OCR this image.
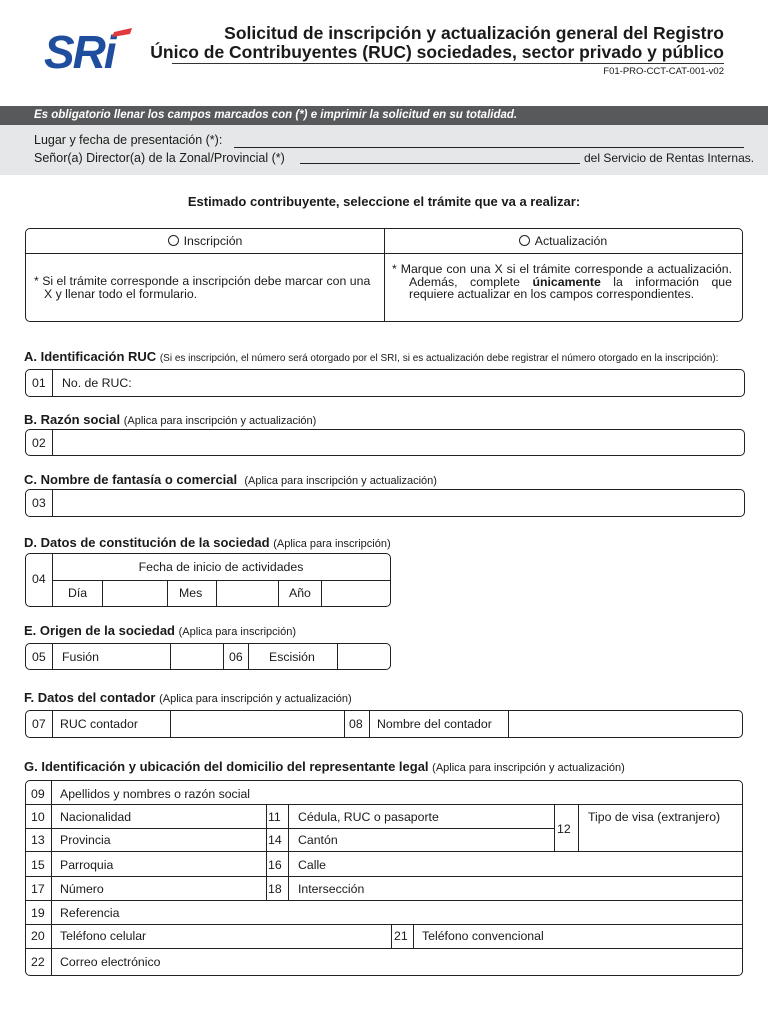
SRi	Solicitud de inscripción y actualización general del Registro
Único de Contribuyentes (RUC) sociedades, sector privado y público
F01-PRO-CCT-CAT-001-v02
Es obligatorio llenar los campos marcados con (*) e imprimir la solicitud en su totalidad.
Lugar y fecha de presentación (*):
Señor(a) Director(a) de la Zonal/Provincial (*)	del Servicio de Rentas Internas.
Estimado contribuyente, seleccione el trámite que va a realizar:
Inscripción	Actualización
* Si el trámite corresponde a inscripción debe marcar con una X y llenar todo el formulario.
* Marque con una X si el trámite corresponde a actualización. Además, complete únicamente la información que requiere actualizar en los campos correspondientes.
A. Identificación RUC (Si es inscripción, el número será otorgado por el SRI, si es actualización debe registrar el número otorgado en la inscripción):
01 No. de RUC:
B. Razón social (Aplica para inscripción y actualización)
02
C. Nombre de fantasía o comercial (Aplica para inscripción y actualización)
03
D. Datos de constitución de la sociedad (Aplica para inscripción)
04
Fecha de inicio de actividades
Día	Mes	Año
E. Origen de la sociedad (Aplica para inscripción)
05 Fusión	06 Escisión
F. Datos del contador (Aplica para inscripción y actualización)
07 RUC contador	08 Nombre del contador
G. Identificación y ubicación del domicilio del representante legal (Aplica para inscripción y actualización)
09 Apellidos y nombres o razón social
10 Nacionalidad	11 Cédula, RUC o pasaporte
12
Tipo de visa (extranjero)
13 Provincia	14 Cantón
15 Parroquia	16 Calle
17 Número	18 Intersección
19 Referencia
20 Teléfono celular	21 Teléfono convencional
22 Correo electrónico
